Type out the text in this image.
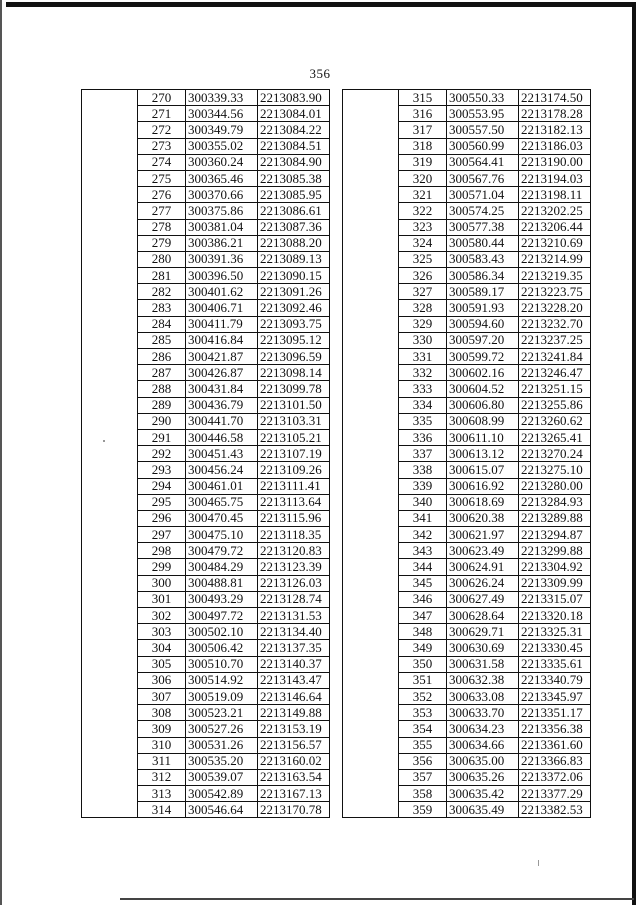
356
	270	300339.33	2213083.90
	271	300344.56	2213084.01
	272	300349.79	2213084.22
	273	300355.02	2213084.51
	274	300360.24	2213084.90
	275	300365.46	2213085.38
	276	300370.66	2213085.95
	277	300375.86	2213086.61
	278	300381.04	2213087.36
	279	300386.21	2213088.20
	280	300391.36	2213089.13
	281	300396.50	2213090.15
	282	300401.62	2213091.26
	283	300406.71	2213092.46
	284	300411.79	2213093.75
	285	300416.84	2213095.12
	286	300421.87	2213096.59
	287	300426.87	2213098.14
	288	300431.84	2213099.78
	289	300436.79	2213101.50
	290	300441.70	2213103.31
	291	300446.58	2213105.21
	292	300451.43	2213107.19
	293	300456.24	2213109.26
	294	300461.01	2213111.41
	295	300465.75	2213113.64
	296	300470.45	2213115.96
	297	300475.10	2213118.35
	298	300479.72	2213120.83
	299	300484.29	2213123.39
	300	300488.81	2213126.03
	301	300493.29	2213128.74
	302	300497.72	2213131.53
	303	300502.10	2213134.40
	304	300506.42	2213137.35
	305	300510.70	2213140.37
	306	300514.92	2213143.47
	307	300519.09	2213146.64
	308	300523.21	2213149.88
	309	300527.26	2213153.19
	310	300531.26	2213156.57
	311	300535.20	2213160.02
	312	300539.07	2213163.54
	313	300542.89	2213167.13
	314	300546.64	2213170.78
	315	300550.33	2213174.50
	316	300553.95	2213178.28
	317	300557.50	2213182.13
	318	300560.99	2213186.03
	319	300564.41	2213190.00
	320	300567.76	2213194.03
	321	300571.04	2213198.11
	322	300574.25	2213202.25
	323	300577.38	2213206.44
	324	300580.44	2213210.69
	325	300583.43	2213214.99
	326	300586.34	2213219.35
	327	300589.17	2213223.75
	328	300591.93	2213228.20
	329	300594.60	2213232.70
	330	300597.20	2213237.25
	331	300599.72	2213241.84
	332	300602.16	2213246.47
	333	300604.52	2213251.15
	334	300606.80	2213255.86
	335	300608.99	2213260.62
	336	300611.10	2213265.41
	337	300613.12	2213270.24
	338	300615.07	2213275.10
	339	300616.92	2213280.00
	340	300618.69	2213284.93
	341	300620.38	2213289.88
	342	300621.97	2213294.87
	343	300623.49	2213299.88
	344	300624.91	2213304.92
	345	300626.24	2213309.99
	346	300627.49	2213315.07
	347	300628.64	2213320.18
	348	300629.71	2213325.31
	349	300630.69	2213330.45
	350	300631.58	2213335.61
	351	300632.38	2213340.79
	352	300633.08	2213345.97
	353	300633.70	2213351.17
	354	300634.23	2213356.38
	355	300634.66	2213361.60
	356	300635.00	2213366.83
	357	300635.26	2213372.06
	358	300635.42	2213377.29
	359	300635.49	2213382.53
